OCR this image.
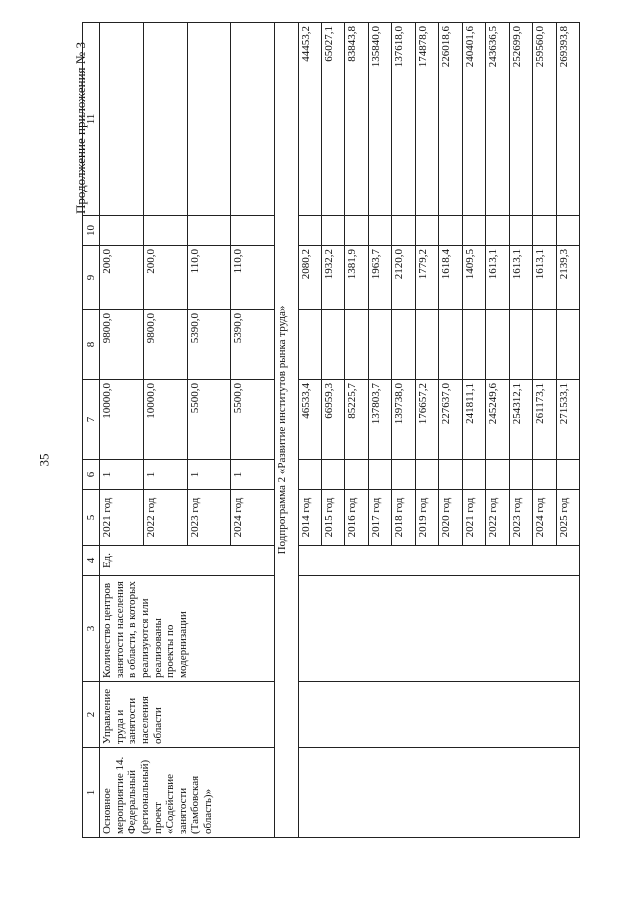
35
Продолжение приложения № 3
1	2	3	4	5	6	7	8	9	10	11
Основное мероприятие 14. Федеральный (региональный) проект «Содействие занятости (Тамбовская область)»	Управление труда и занятости населения области	Количество центров занятости населения в области, в которых реализуются или реализованы проекты по модернизации	Ед.	2021 год	1	10000,0	9800,0	200,0		
				2022 год	1	10000,0	9800,0	200,0		
				2023 год	1	5500,0	5390,0	110,0		
				2024 год	1	5500,0	5390,0	110,0		
Подпрограмма 2 «Развитие институтов рынка труда»										
				2014 год		46533,4		2080,2		44453,2
				2015 год		66959,3		1932,2		65027,1
				2016 год		85225,7		1381,9		83843,8
				2017 год		137803,7		1963,7		135840,0
				2018 год		139738,0		2120,0		137618,0
				2019 год		176657,2		1779,2		174878,0
				2020 год		227637,0		1618,4		226018,6
				2021 год		241811,1		1409,5		240401,6
				2022 год		245249,6		1613,1		243636,5
				2023 год		254312,1		1613,1		252699,0
				2024 год		261173,1		1613,1		259560,0
				2025 год		271533,1		2139,3		269393,8
